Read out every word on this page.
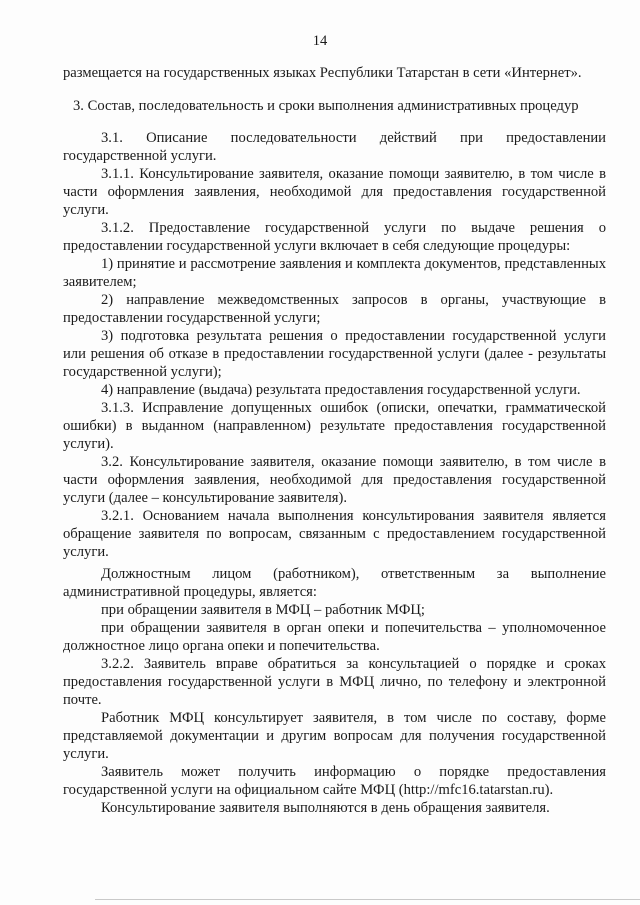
14

размещается на государственных языках Республики Татарстан в сети «Интернет».

3. Состав, последовательность и сроки выполнения административных процедур

3.1. Описание последовательности действий при предоставлении государственной услуги.

3.1.1. Консультирование заявителя, оказание помощи заявителю, в том числе в части оформления заявления, необходимой для предоставления государственной услуги.

3.1.2. Предоставление государственной услуги по выдаче решения о предоставлении государственной услуги включает в себя следующие процедуры:

1) принятие и рассмотрение заявления и комплекта документов, представленных заявителем;

2) направление межведомственных запросов в органы, участвующие в предоставлении государственной услуги;

3) подготовка результата решения о предоставлении государственной услуги или решения об отказе в предоставлении государственной услуги (далее - результаты государственной услуги);

4) направление (выдача) результата предоставления государственной услуги.

3.1.3. Исправление допущенных ошибок (описки, опечатки, грамматической ошибки) в выданном (направленном) результате предоставления государственной услуги).

3.2. Консультирование заявителя, оказание помощи заявителю, в том числе в части оформления заявления, необходимой для предоставления государственной услуги (далее – консультирование заявителя).

3.2.1. Основанием начала выполнения консультирования заявителя является обращение заявителя по вопросам, связанным с предоставлением государственной услуги.

Должностным лицом (работником), ответственным за выполнение административной процедуры, является:

при обращении заявителя в МФЦ – работник МФЦ;

при обращении заявителя в орган опеки и попечительства – уполномоченное должностное лицо органа опеки и попечительства.

3.2.2. Заявитель вправе обратиться за консультацией о порядке и сроках предоставления государственной услуги в МФЦ лично, по телефону и электронной почте.

Работник МФЦ консультирует заявителя, в том числе по составу, форме представляемой документации и другим вопросам для получения государственной услуги.

Заявитель может получить информацию о порядке предоставления государственной услуги на официальном сайте МФЦ (http://mfc16.tatarstan.ru).

Консультирование заявителя выполняются в день обращения заявителя.
